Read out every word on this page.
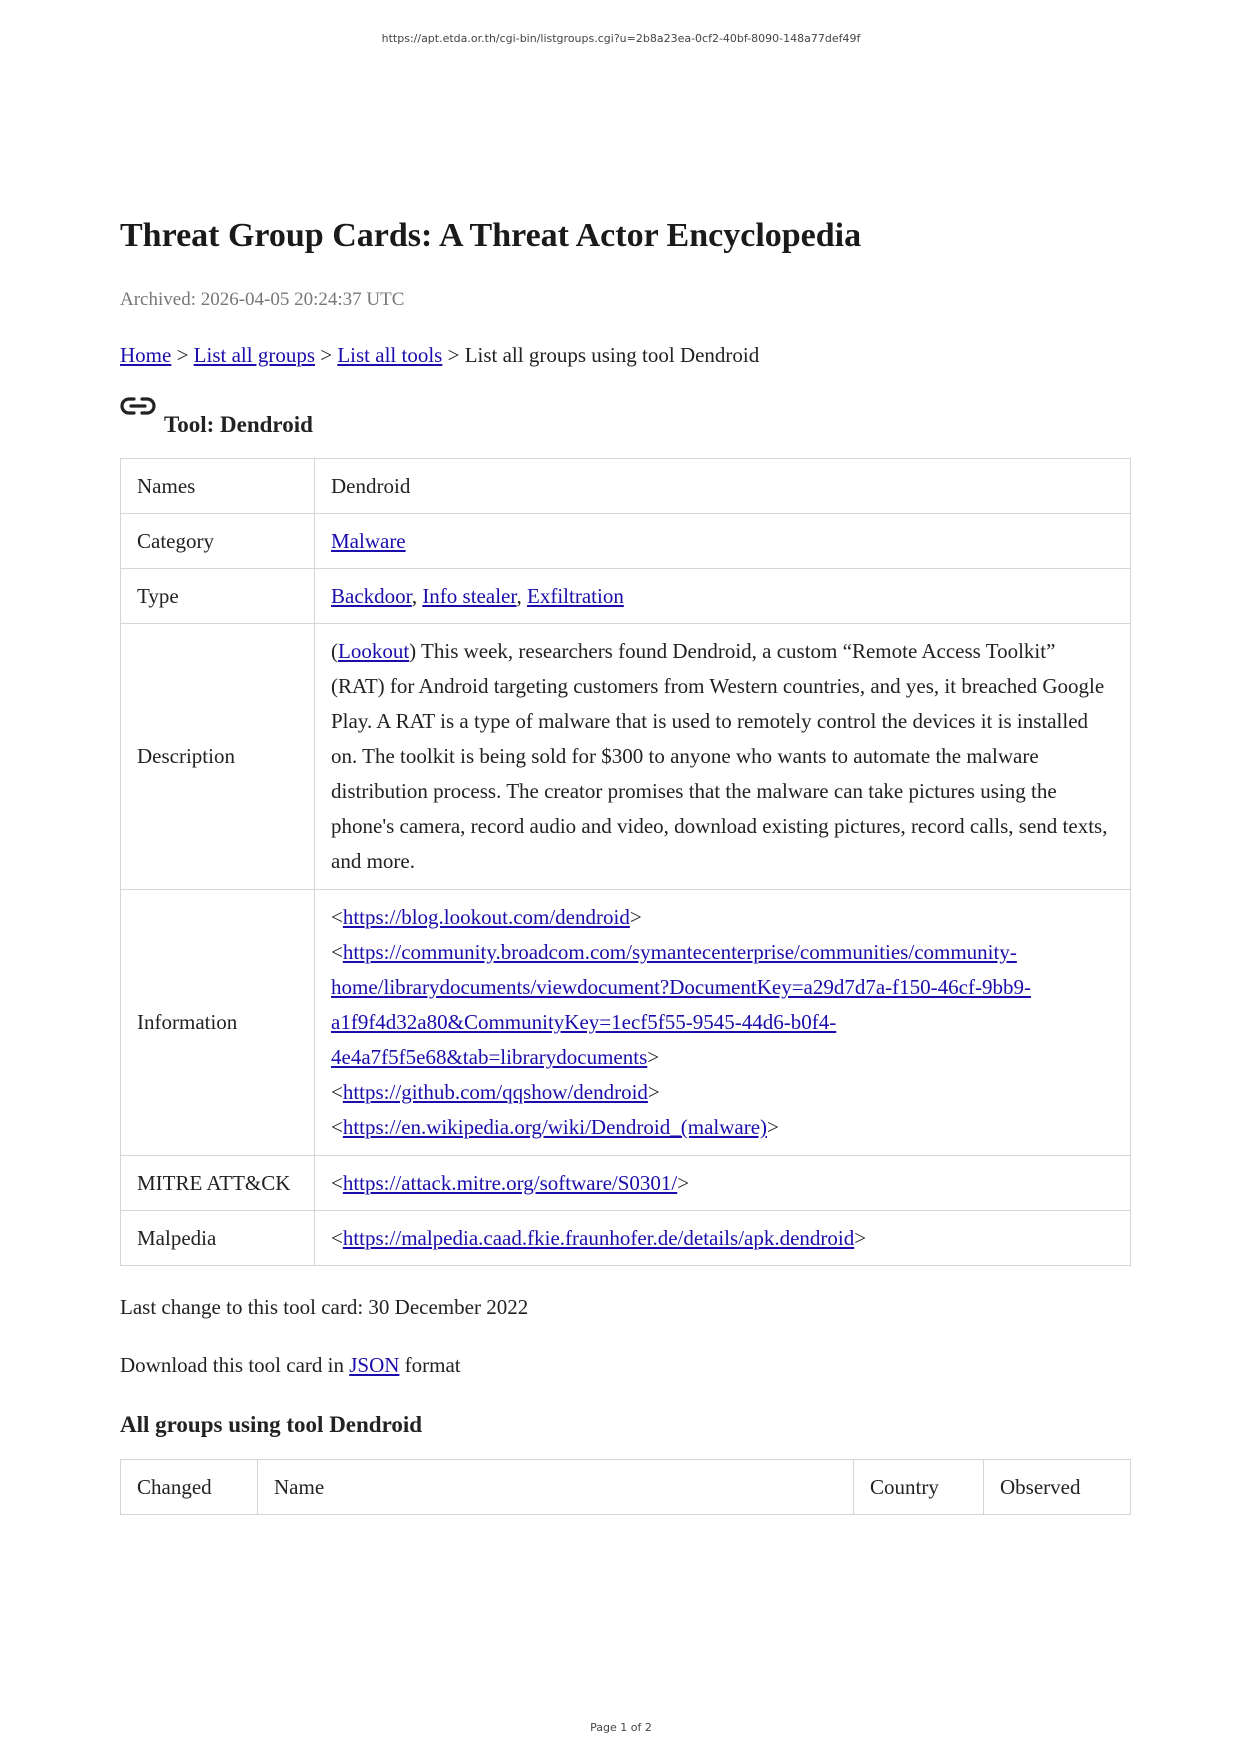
https://apt.etda.or.th/cgi-bin/listgroups.cgi?u=2b8a23ea-0cf2-40bf-8090-148a77def49f
Threat Group Cards: A Threat Actor Encyclopedia
Archived: 2026-04-05 20:24:37 UTC
Home > List all groups > List all tools > List all groups using tool Dendroid
Tool: Dendroid
Names	Dendroid
Category	Malware
Type	Backdoor, Info stealer, Exfiltration
Description	(Lookout) This week, researchers found Dendroid, a custom “Remote Access Toolkit” (RAT) for Android targeting customers from Western countries, and yes, it breached Google Play. A RAT is a type of malware that is used to remotely control the devices it is installed on. The toolkit is being sold for $300 to anyone who wants to automate the malware distribution process. The creator promises that the malware can take pictures using the phone's camera, record audio and video, download existing pictures, record calls, send texts, and more.
Information	<https://blog.lookout.com/dendroid>
<https://community.broadcom.com/symantecenterprise/communities/community-home/librarydocuments/viewdocument?DocumentKey=a29d7d7a-f150-46cf-9bb9-a1f9f4d32a80&CommunityKey=1ecf5f55-9545-44d6-b0f4-4e4a7f5f5e68&tab=librarydocuments>
<https://github.com/qqshow/dendroid>
<https://en.wikipedia.org/wiki/Dendroid_(malware)>

MITRE ATT&CK	<https://attack.mitre.org/software/S0301/>
Malpedia	<https://malpedia.caad.fkie.fraunhofer.de/details/apk.dendroid>
Last change to this tool card: 30 December 2022
Download this tool card in JSON format
All groups using tool Dendroid
Changed	Name	Country	Observed
Page 1 of 2
